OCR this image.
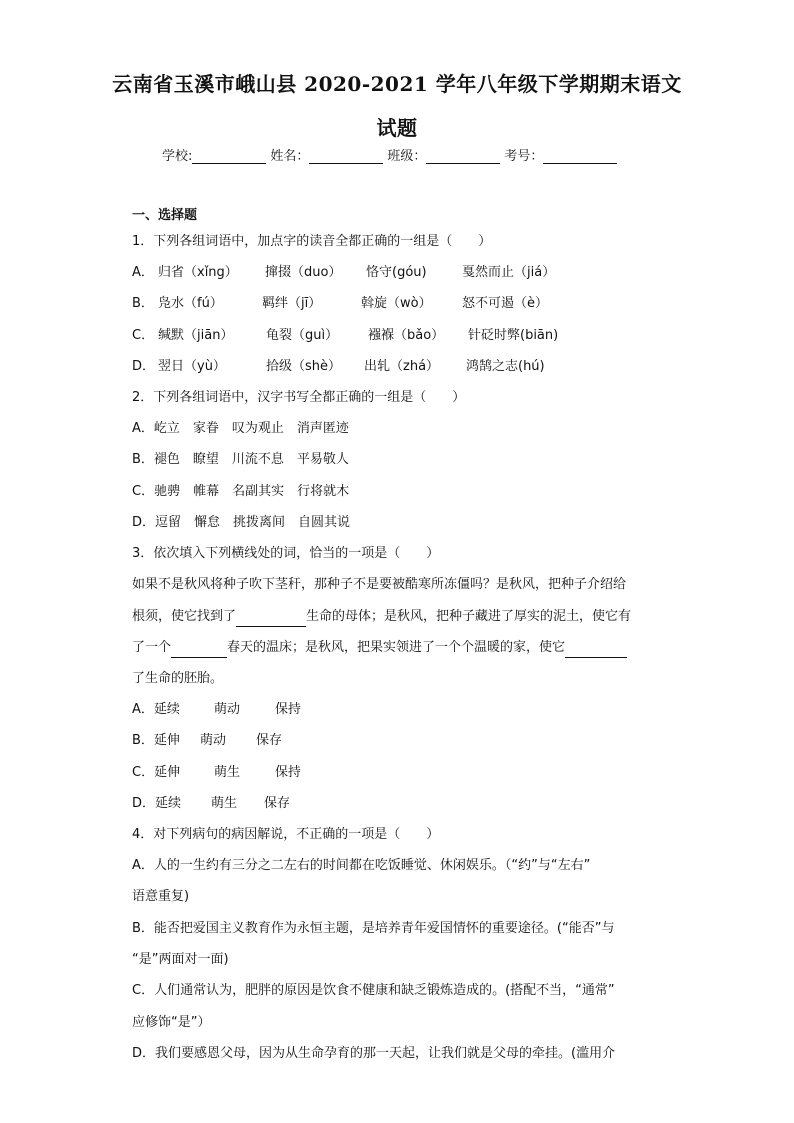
云南省玉溪市峨山县 2020-2021 学年八年级下学期期末语文
试题
学校:	姓名：	班级：	考号：
一、选择题
1．下列各组词语中，加点字的读音全都正确的一组是（　　）
A． 归省（xǐng） 撺掇（duo） 恪守(góu)	戛然而止（jiá）
B． 凫水（fú）	羁绊（jī）	斡旋（wò） 怒不可遏（è）
C． 缄默（jiān）	龟裂（guì） 襁褓（bǎo） 针砭时弊(biān)
D． 翌日（yù）	拾级（shè） 出轧（zhá） 鸿鹄之志(hú)
2．下列各组词语中，汉字书写全都正确的一组是（　　）
A．屹立　家眷　叹为观止　消声匿迹
B．褪色　瞭望　川流不息　平易敬人
C．驰骋　帷幕　名副其实　行将就木
D．逗留　懈怠　挑拨离间　自圆其说
3．依次填入下列横线处的词，恰当的一项是（　　）
如果不是秋风将种子吹下茎秆，那种子不是要被酷寒所冻僵吗？是秋风，把种子介绍给
根须，使它找到了	生命的母体；是秋风，把种子藏进了厚实的泥土，使它有
了一个	春天的温床；是秋风，把果实领进了一个个温暖的家，使它
了生命的胚胎。
A．延续	萌动	保持
B．延伸 萌动 保存
C．延伸	萌生	保持
D．延续 萌生 保存
4．对下列病句的病因解说，不正确的一项是（　　）
A．人的一生约有三分之二左右的时间都在吃饭睡觉、休闲娱乐。（“约”与“左右”
语意重复)
B．能否把爱国主义教育作为永恒主题，是培养青年爱国情怀的重要途径。(“能否”与
“是”两面对一面)
C．人们通常认为，肥胖的原因是饮食不健康和缺乏锻炼造成的。(搭配不当，“通常”
应修饰“是”）
D．我们要感恩父母，因为从生命孕育的那一天起，让我们就是父母的牵挂。(滥用介
